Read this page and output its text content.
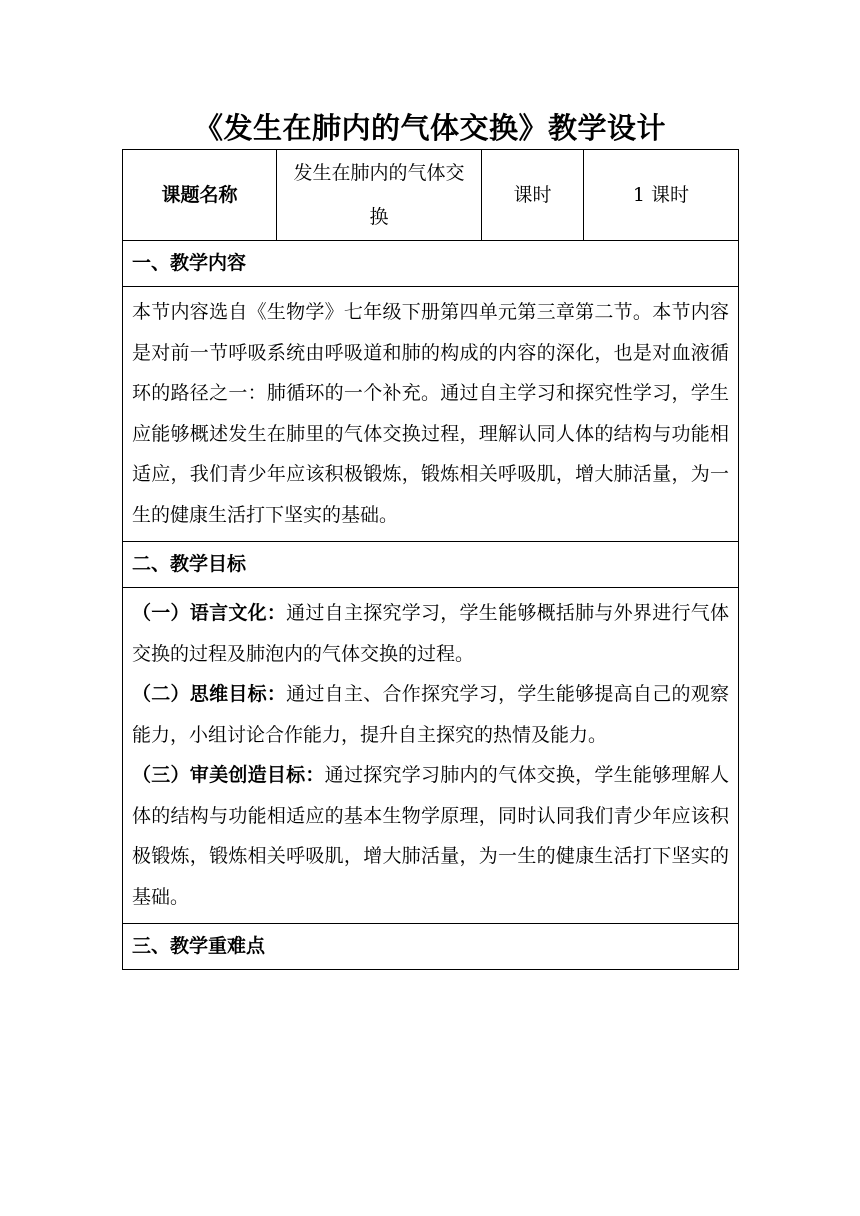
《发生在肺内的气体交换》教学设计
课题名称	发生在肺内的气体交换	课时	1 课时
一、教学内容

本节内容选自《生物学》七年级下册第四单元第三章第二节。本节内容是对前一节呼吸系统由呼吸道和肺的构成的内容的深化，也是对血液循环的路径之一：肺循环的一个补充。通过自主学习和探究性学习，学生应能够概述发生在肺里的气体交换过程，理解认同人体的结构与功能相适应，我们青少年应该积极锻炼，锻炼相关呼吸肌，增大肺活量，为一生的健康生活打下坚实的基础。

二、教学目标

（一）语言文化：通过自主探究学习，学生能够概括肺与外界进行气体交换的过程及肺泡内的气体交换的过程。

（二）思维目标：通过自主、合作探究学习，学生能够提高自己的观察能力，小组讨论合作能力，提升自主探究的热情及能力。

（三）审美创造目标：通过探究学习肺内的气体交换，学生能够理解人体的结构与功能相适应的基本生物学原理，同时认同我们青少年应该积极锻炼，锻炼相关呼吸肌，增大肺活量，为一生的健康生活打下坚实的基础。

三、教学重难点
